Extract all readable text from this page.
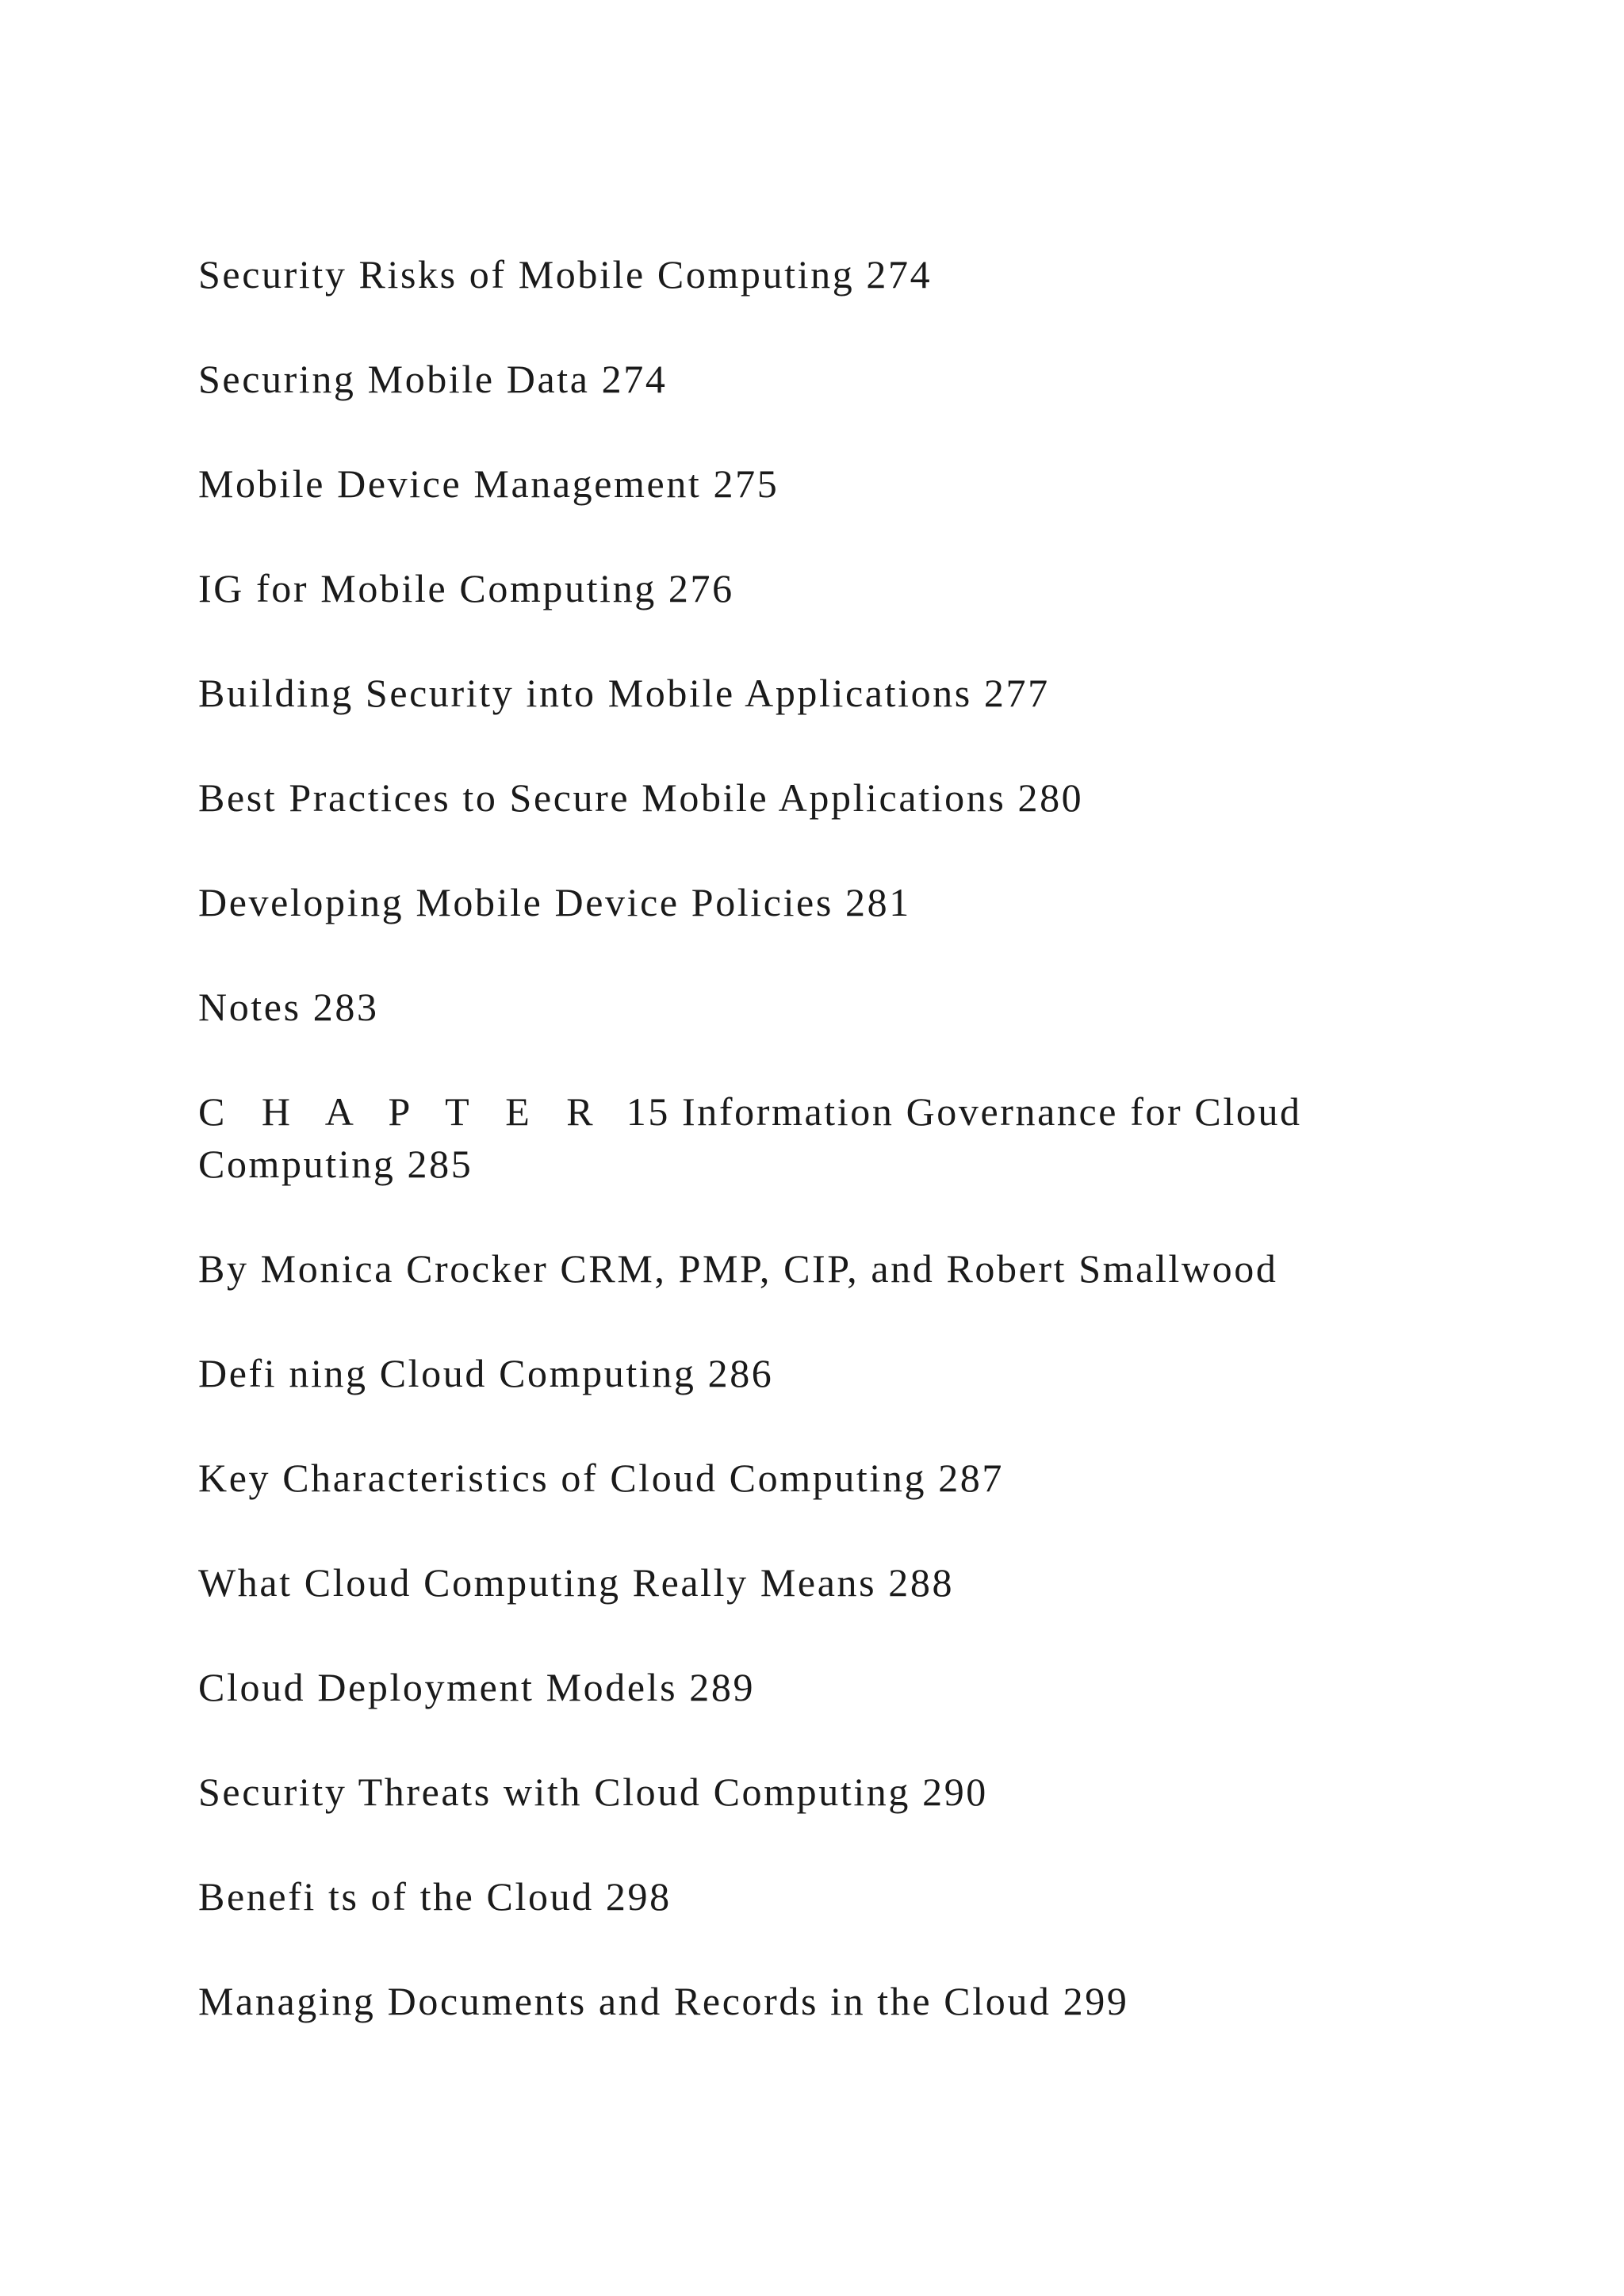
Security Risks of Mobile Computing 274

Securing Mobile Data 274

Mobile Device Management 275

IG for Mobile Computing 276

Building Security into Mobile Applications 277

Best Practices to Secure Mobile Applications 280

Developing Mobile Device Policies 281

Notes 283

C H A P T E R 15 Information Governance for Cloud Computing 285

By Monica Crocker CRM, PMP, CIP, and Robert Smallwood

Defi ning Cloud Computing 286

Key Characteristics of Cloud Computing 287

What Cloud Computing Really Means 288

Cloud Deployment Models 289

Security Threats with Cloud Computing 290

Benefi ts of the Cloud 298

Managing Documents and Records in the Cloud 299
